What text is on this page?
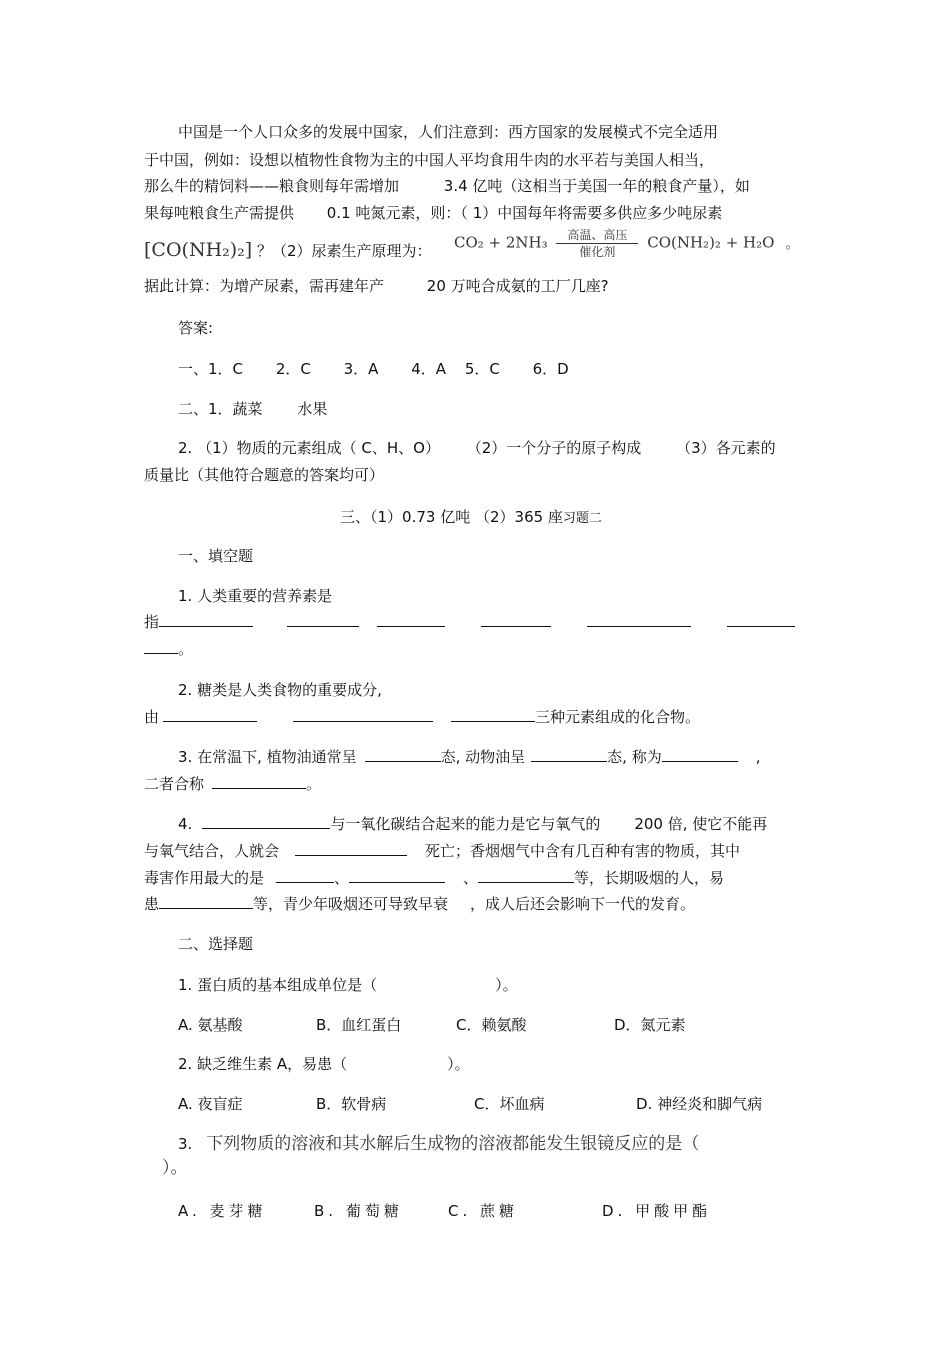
中国是一个人口众多的发展中国家，人们注意到：西方国家的发展模式不完全适用
于中国，例如：设想以植物性食物为主的中国人平均食用牛肉的水平若与美国人相当，
那么牛的精饲料——粮食则每年需增加	3.4 亿吨（这相当于美国一年的粮食产量），如
果每吨粮食生产需提供 0.1 吨氮元素，则：（ 1）中国每年将需要多供应多少吨尿素
[CO(NH₂)₂] ？（2）尿素生产原理为： CO₂ + 2NH₃	高温、高压
催化剂
CO(NH₂)₂ + H₂O 。
据此计算：为增产尿素，需再建年产	20 万吨合成氨的工厂几座?
答案:
一、1．C 2．C 3．A 4．A 5．C 6．D
二、1．蔬菜 水果
2. （1）物质的元素组成（ C、H、O） （2）一个分子的原子构成 （3）各元素的
质量比（其他符合题意的答案均可）
三、（1）0.73 亿吨 （2）365 座习题二
一、填空题
1. 人类重要的营养素是
指
。
2. 糖类是人类食物的重要成分,
由	三种元素组成的化合物。
3. 在常温下, 植物油通常呈	态, 动物油呈	态, 称为	,
二者合称	。
4.	与一氧化碳结合起来的能力是它与氧气的 200 倍, 使它不能再
与氧气结合，人就会	死亡；香烟烟气中含有几百种有害的物质，其中
毒害作用最大的是	、	、	等，长期吸烟的人，易
患	等，青少年吸烟还可导致早衰 ，成人后还会影响下一代的发育。
二、选择题
1. 蛋白质的基本组成单位是（	）。
A. 氨基酸	B．血红蛋白	C．赖氨酸	D．氮元素
2. 缺乏维生素 A，易患（	）。
A. 夜盲症	B．软骨病	C．坏血病	D. 神经炎和脚气病
3. 下列物质的溶液和其水解后生成物的溶液都能发生银镜反应的是（
）。
A. 麦芽糖	B. 葡萄糖	C. 蔗糖	D. 甲酸甲酯
